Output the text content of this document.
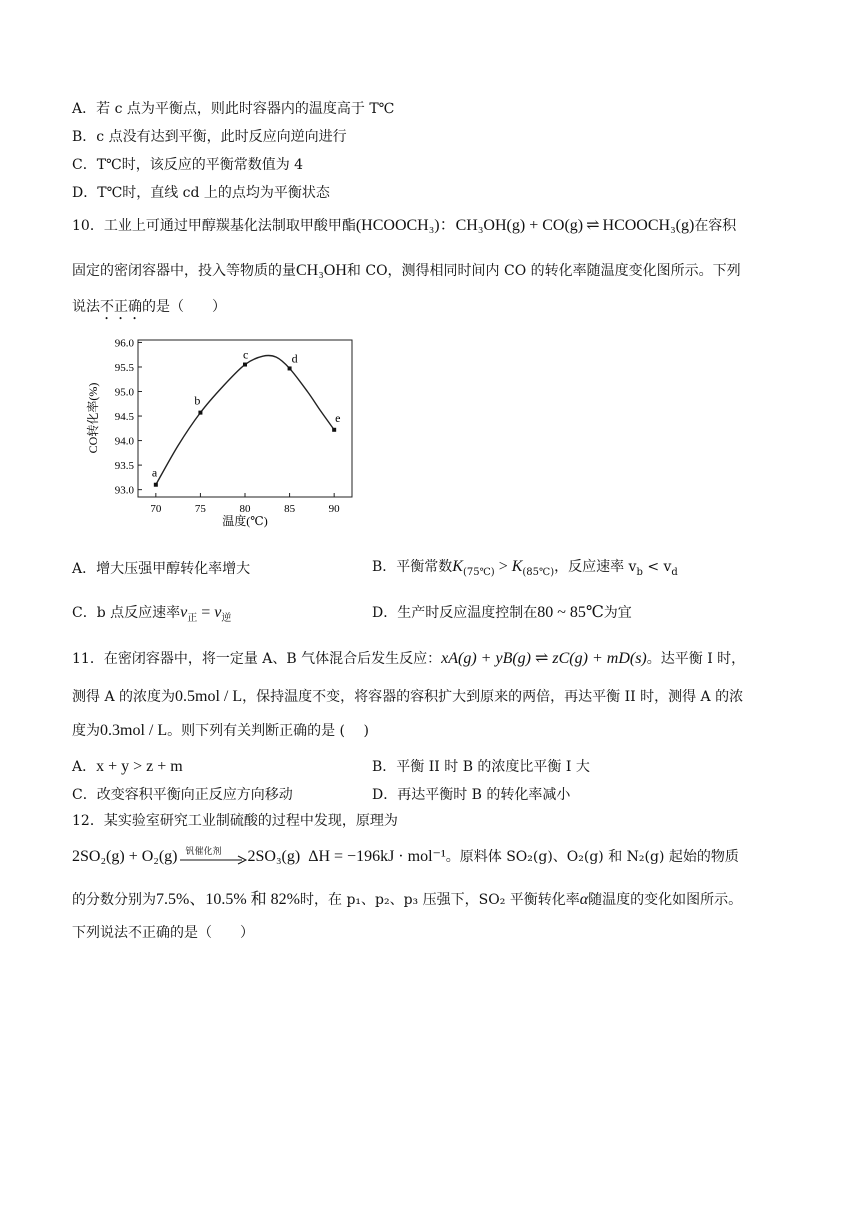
A．若 c 点为平衡点，则此时容器内的温度高于 T℃
B．c 点没有达到平衡，此时反应向逆向进行
C．T℃时，该反应的平衡常数值为 4
D．T℃时，直线 cd 上的点均为平衡状态
10．工业上可通过甲醇羰基化法制取甲酸甲酯(HCOOCH₃)：CH₃OH(g) + CO(g) ⇌ HCOOCH₃(g)在容积
固定的密闭容器中，投入等物质的量CH₃OH和 CO，测得相同时间内 CO 的转化率随温度变化图所示。下列
说法不正确的是（　　）
93.0
93.5
94.0
94.5
95.0
95.5
96.0
70	75	80	85	90
a
b
c	d
e
CO转化率(%)
温度(℃)
A．增大压强甲醇转化率增大	B．平衡常数$K_{(75℃)} > K_{(85℃)}$，反应速率 $v_b < v_d$
C．b 点反应速率$v_正 = v_逆$	D．生产时反应温度控制在80 ~ 85℃为宜
11．在密闭容器中，将一定量 A、B 气体混合后发生反应：xA(g) + yB(g) ⇌ zC(g) + mD(s)。达平衡 I 时，
测得 A 的浓度为0.5mol / L，保持温度不变，将容器的容积扩大到原来的两倍，再达平衡 II 时，测得 A 的浓
度为0.3mol / L。则下列有关判断正确的是 (　 )
A．x + y > z + m	B．平衡 II 时 B 的浓度比平衡 I 大
C．改变容积平衡向正反应方向移动	D．再达平衡时 B 的转化率减小
12．某实验室研究工业制硫酸的过程中发现，原理为
2SO₂(g) + O₂(g) 钒催化剂 2SO₃(g) ΔH = −196kJ · mol⁻¹。原料体 SO₂(g)、O₂(g) 和 N₂(g) 起始的物质
的分数分别为7.5%、10.5% 和 82%时，在 p₁、p₂、p₃ 压强下，SO₂ 平衡转化率α随温度的变化如图所示。
下列说法不正确的是（　　）
